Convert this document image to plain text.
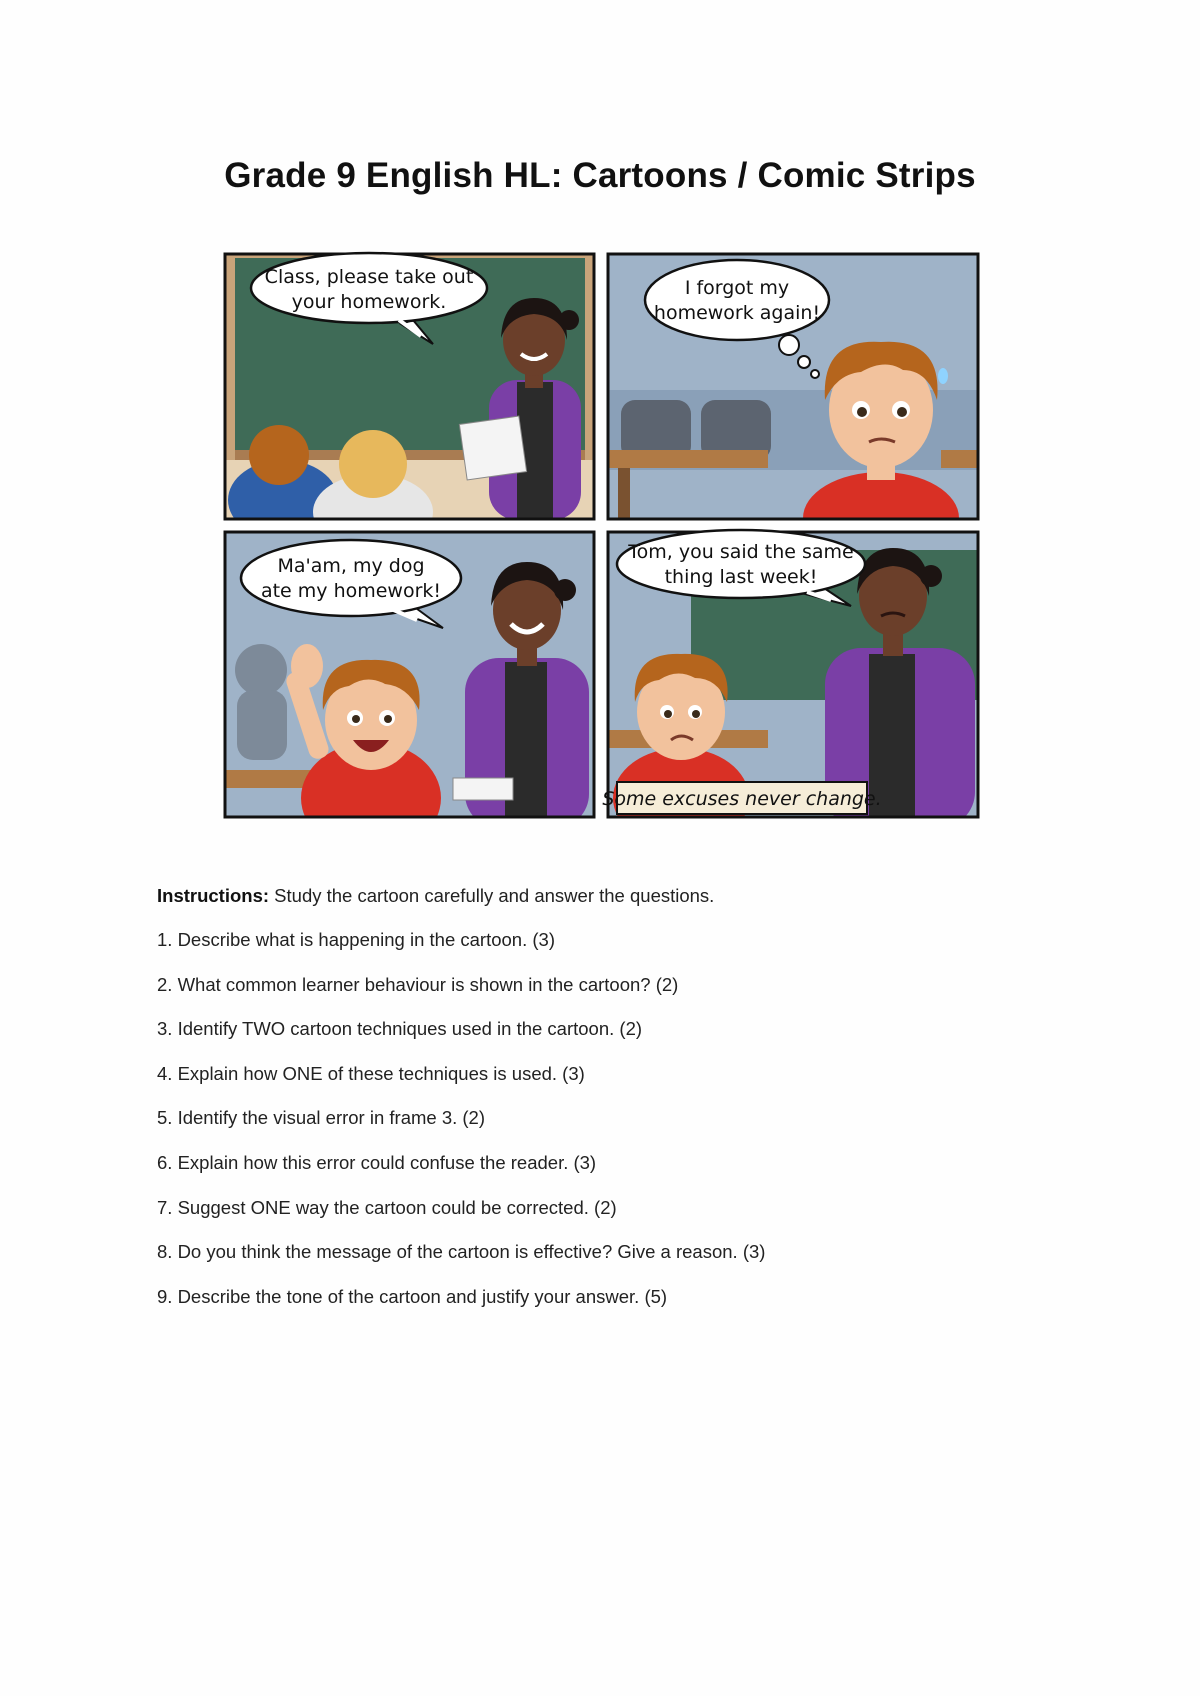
Grade 9 English HL: Cartoons / Comic Strips
Class, please take out
your homework.
I forgot my
homework again!
Ma'am, my dog
ate my homework!
Tom, you said the same
thing last week!
Some excuses never change.

Instructions: Study the cartoon carefully and answer the questions.

1. Describe what is happening in the cartoon. (3)

2. What common learner behaviour is shown in the cartoon? (2)

3. Identify TWO cartoon techniques used in the cartoon. (2)

4. Explain how ONE of these techniques is used. (3)

5. Identify the visual error in frame 3. (2)

6. Explain how this error could confuse the reader. (3)

7. Suggest ONE way the cartoon could be corrected. (2)

8. Do you think the message of the cartoon is effective? Give a reason. (3)

9. Describe the tone of the cartoon and justify your answer. (5)
